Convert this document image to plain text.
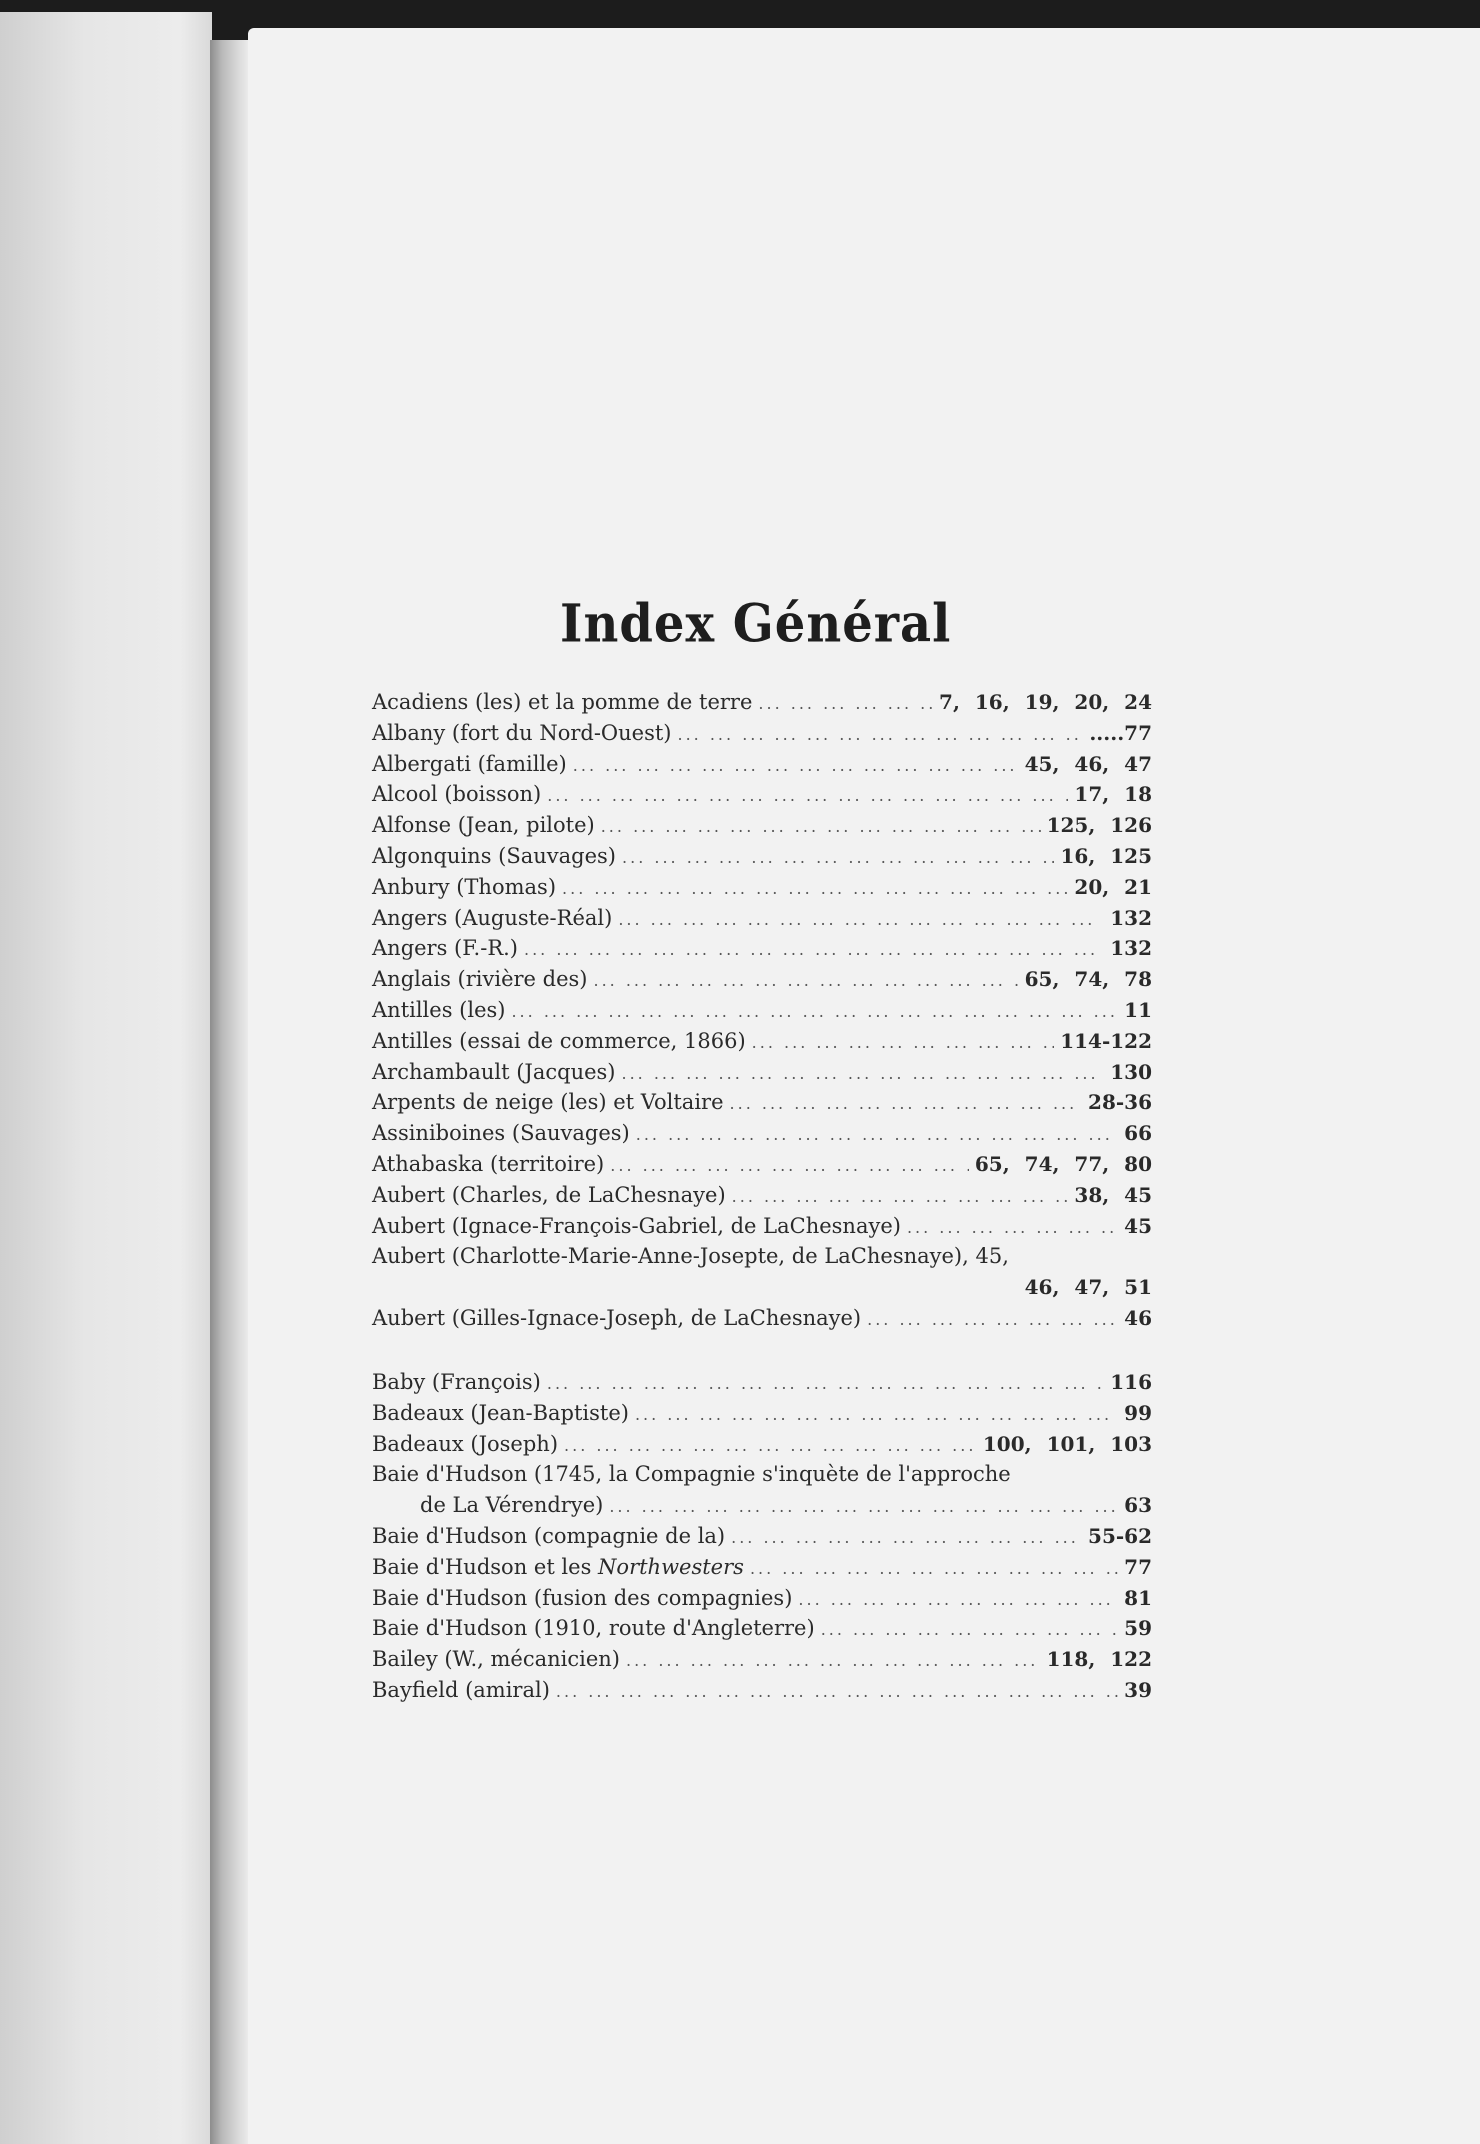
Index Général
Acadiens (les) et la pomme de terre ... .	7, 16, 19, 20, 24
Albany (fort du Nord-Ouest) ... .	.....77
Albergati (famille) ... .	45, 46, 47
Alcool (boisson) ... .	17, 18
Alfonse (Jean, pilote) ... .	125, 126
Algonquins (Sauvages) ... .	16, 125
Anbury (Thomas) ... .	20, 21
Angers (Auguste-Réal) ... .	132
Angers (F.-R.) ... .	132
Anglais (rivière des) ... .	65, 74, 78
Antilles (les) ... .	11
Antilles (essai de commerce, 1866) ... .	114-122
Archambault (Jacques) ... .	130
Arpents de neige (les) et Voltaire ... .	28-36
Assiniboines (Sauvages) ... .	66
Athabaska (territoire) ... .	65, 74, 77, 80
Aubert (Charles, de LaChesnaye) ... .	38, 45
Aubert (Ignace-François-Gabriel, de LaChesnaye) ... .	45
Aubert (Charlotte-Marie-Anne-Josepte, de LaChesnaye), 45,
46, 47, 51
Aubert (Gilles-Ignace-Joseph, de LaChesnaye) ... .	46
Baby (François) ... .	116
Badeaux (Jean-Baptiste) ... .	99
Badeaux (Joseph) ... .	100, 101, 103
Baie d'Hudson (1745, la Compagnie s'inquète de l'approche
de La Vérendrye) ... .	63
Baie d'Hudson (compagnie de la) ... .	55-62
Baie d'Hudson et les Northwesters ... .	77
Baie d'Hudson (fusion des compagnies) ... .	81
Baie d'Hudson (1910, route d'Angleterre) ... .	59
Bailey (W., mécanicien) ... .	118, 122
Bayfield (amiral) ... .	39
